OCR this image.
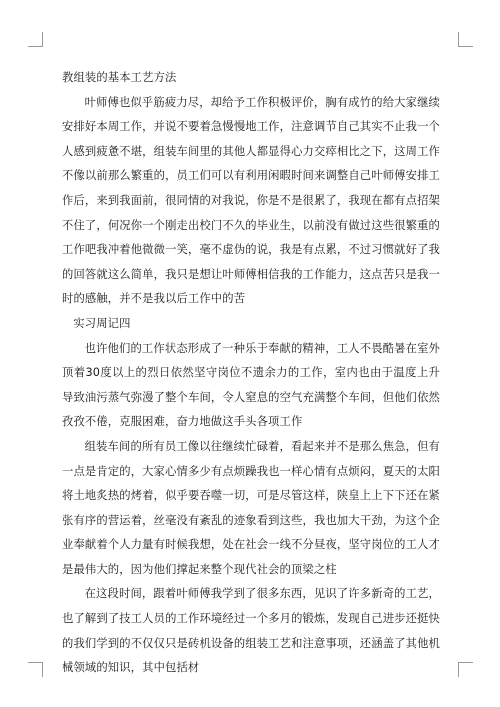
教组装的基本工艺方法

叶师傅也似乎筋疲力尽，却给予工作积极评价，胸有成竹的给大家继续安排好本周工作，并说不要着急慢慢地工作，注意调节自己其实不止我一个人感到疲惫不堪，组装车间里的其他人都显得心力交瘁相比之下，这周工作不像以前那么繁重的，员工们可以有利用闲暇时间来调整自己叶师傅安排工作后，来到我面前，很同情的对我说，你是不是很累了，我现在都有点招架不住了，何况你一个刚走出校门不久的毕业生，以前没有做过这些很繁重的工作吧我冲着他微微一笑，毫不虚伪的说，我是有点累，不过习惯就好了我的回答就这么简单，我只是想让叶师傅相信我的工作能力，这点苦只是我一时的感触，并不是我以后工作中的苦

实习周记四

也许他们的工作状态形成了一种乐于奉献的精神，工人不畏酷暑在室外顶着30度以上的烈日依然坚守岗位不遗余力的工作，室内也由于温度上升导致油污蒸气弥漫了整个车间，令人窒息的空气充满整个车间，但他们依然孜孜不倦，克服困难，奋力地做这手头各项工作

组装车间的所有员工像以往继续忙碌着，看起来并不是那么焦急，但有一点是肯定的，大家心情多少有点烦躁我也一样心情有点烦闷，夏天的太阳将土地炙热的烤着，似乎要吞噬一切，可是尽管这样，陕皇上上下下还在紧张有序的营运着，丝毫没有紊乱的迹象看到这些，我也加大干劲，为这个企业奉献着个人力量有时候我想，处在社会一线不分昼夜，坚守岗位的工人才是最伟大的，因为他们撑起来整个现代社会的顶梁之柱

在这段时间，跟着叶师傅我学到了很多东西，见识了许多新奇的工艺，也了解到了技工人员的工作环境经过一个多月的锻炼，发现自己进步还挺快的我们学到的不仅仅只是砖机设备的组装工艺和注意事项，还涵盖了其他机械领域的知识，其中包括材
